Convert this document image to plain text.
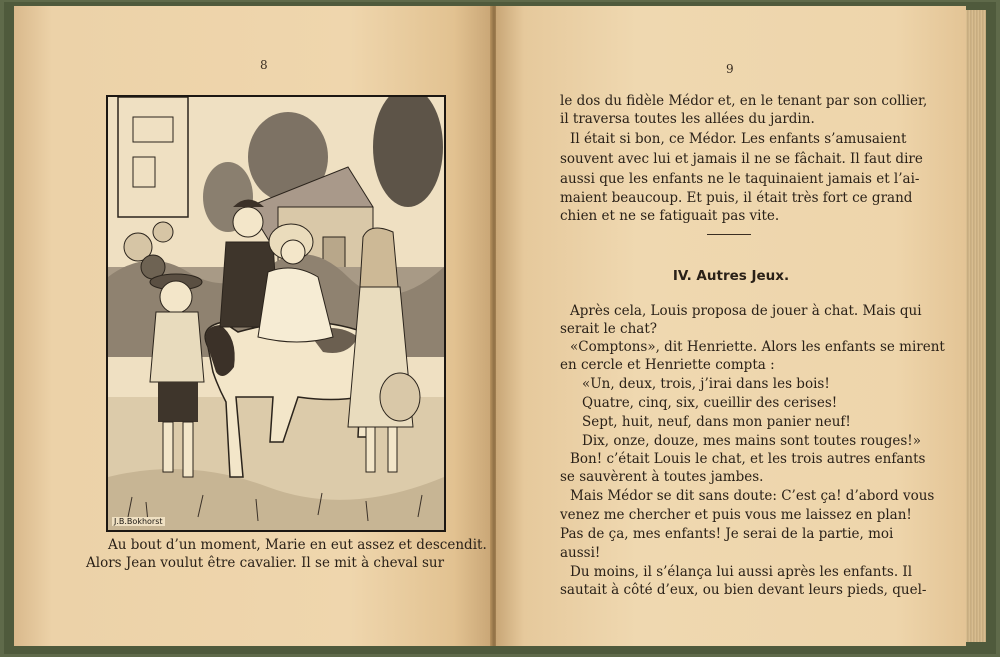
8
J.B.Bokhorst
Au bout d’un moment, Marie en eut assez et descendit.
Alors Jean voulut être cavalier. Il se mit à cheval sur
9
le dos du fidèle Médor et, en le tenant par son collier,
il traversa toutes les allées du jardin.
Il était si bon, ce Médor. Les enfants s’amusaient
souvent avec lui et jamais il ne se fâchait. Il faut dire
aussi que les enfants ne le taquinaient jamais et l’ai-
maient beaucoup. Et puis, il était très fort ce grand
chien et ne se fatiguait pas vite.
IV. Autres Jeux.
Après cela, Louis proposa de jouer à chat. Mais qui
serait le chat?
«Comptons», dit Henriette. Alors les enfants se mirent
en cercle et Henriette compta :
«Un, deux, trois, j’irai dans les bois!
Quatre, cinq, six, cueillir des cerises!
Sept, huit, neuf, dans mon panier neuf!
Dix, onze, douze, mes mains sont toutes rouges!»
Bon! c’était Louis le chat, et les trois autres enfants
se sauvèrent à toutes jambes.
Mais Médor se dit sans doute: C’est ça! d’abord vous
venez me chercher et puis vous me laissez en plan!
Pas de ça, mes enfants! Je serai de la partie, moi
aussi!
Du moins, il s’élança lui aussi après les enfants. Il
sautait à côté d’eux, ou bien devant leurs pieds, quel-
